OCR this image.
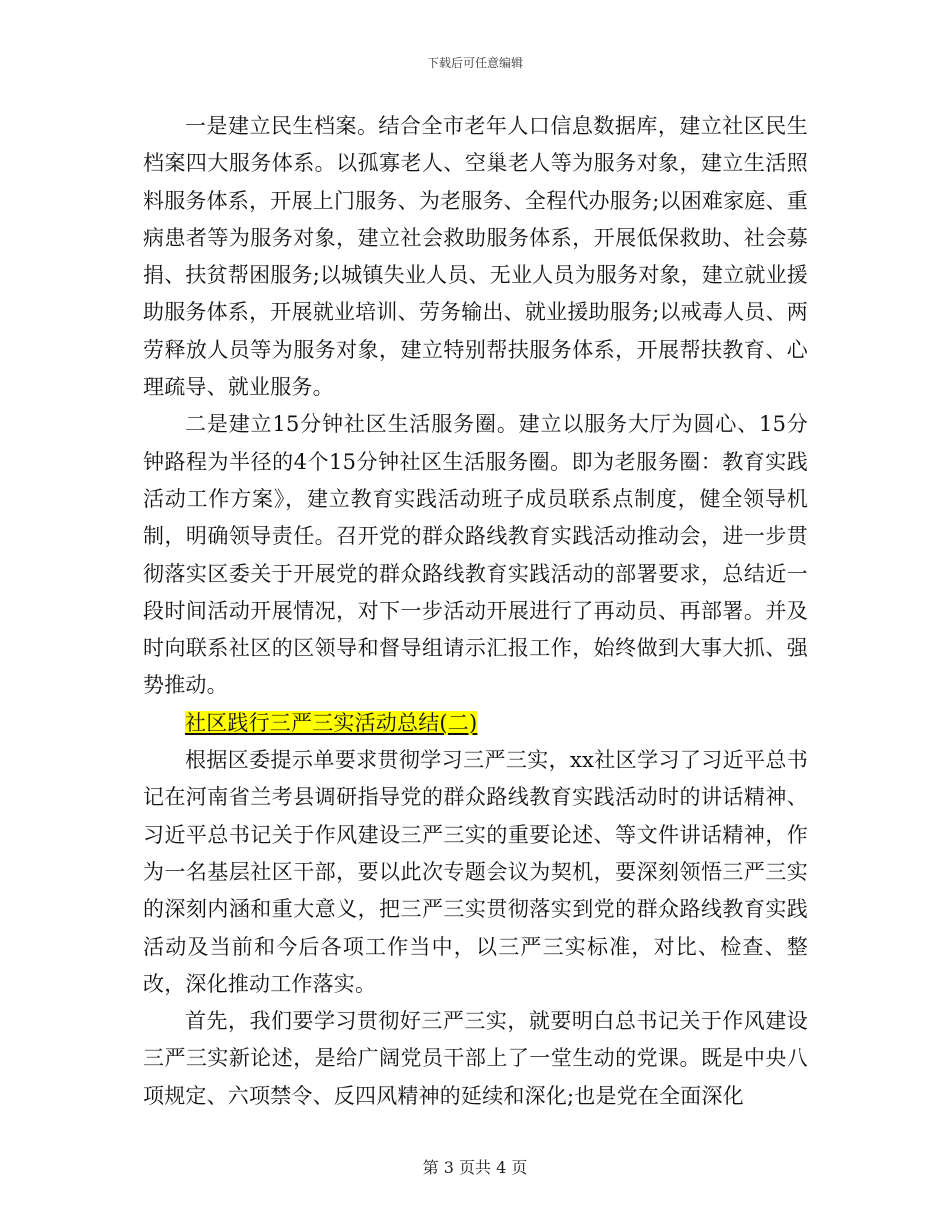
下载后可任意编辑

一是建立民生档案。结合全市老年人口信息数据库，建立社区民生档案四大服务体系。以孤寡老人、空巢老人等为服务对象，建立生活照料服务体系，开展上门服务、为老服务、全程代办服务;以困难家庭、重病患者等为服务对象，建立社会救助服务体系，开展低保救助、社会募捐、扶贫帮困服务;以城镇失业人员、无业人员为服务对象，建立就业援助服务体系，开展就业培训、劳务输出、就业援助服务;以戒毒人员、两劳释放人员等为服务对象，建立特别帮扶服务体系，开展帮扶教育、心理疏导、就业服务。

二是建立15分钟社区生活服务圈。建立以服务大厅为圆心、15分钟路程为半径的4个15分钟社区生活服务圈。即为老服务圈：教育实践活动工作方案》，建立教育实践活动班子成员联系点制度，健全领导机制，明确领导责任。召开党的群众路线教育实践活动推动会，进一步贯彻落实区委关于开展党的群众路线教育实践活动的部署要求，总结近一段时间活动开展情况，对下一步活动开展进行了再动员、再部署。并及时向联系社区的区领导和督导组请示汇报工作，始终做到大事大抓、强势推动。

社区践行三严三实活动总结(二)

根据区委提示单要求贯彻学习三严三实，xx社区学习了习近平总书记在河南省兰考县调研指导党的群众路线教育实践活动时的讲话精神、习近平总书记关于作风建设三严三实的重要论述、等文件讲话精神，作为一名基层社区干部，要以此次专题会议为契机，要深刻领悟三严三实的深刻内涵和重大意义，把三严三实贯彻落实到党的群众路线教育实践活动及当前和今后各项工作当中，以三严三实标准，对比、检查、整改，深化推动工作落实。

首先，我们要学习贯彻好三严三实，就要明白总书记关于作风建设三严三实新论述，是给广阔党员干部上了一堂生动的党课。既是中央八项规定、六项禁令、反四风精神的延续和深化;也是党在全面深化

第 3 页共 4 页
